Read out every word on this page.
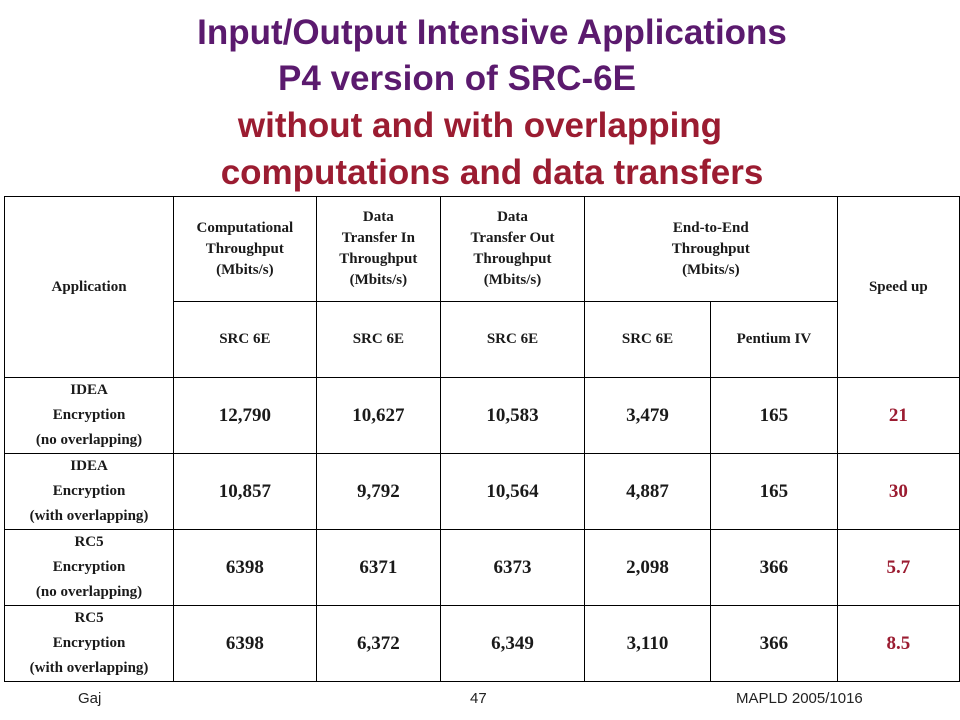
Input/Output Intensive Applications
P4 version of SRC-6E
without and with overlapping
computations and data transfers
Application	Computational
Throughput
(Mbits/s)	Data
Transfer In
Throughput
(Mbits/s)	Data
Transfer Out
Throughput
(Mbits/s)	End-to-End
Throughput
(Mbits/s)		Speed up
	SRC 6E	SRC 6E	SRC 6E	SRC 6E	Pentium IV	
IDEA
Encryption
(no overlapping)	12,790	10,627	10,583	3,479	165	21
IDEA
Encryption
(with overlapping)	10,857	9,792	10,564	4,887	165	30
RC5
Encryption
(no overlapping)	6398	6371	6373	2,098	366	5.7
RC5
Encryption
(with overlapping)	6398	6,372	6,349	3,110	366	8.5
Gaj	47	MAPLD 2005/1016
